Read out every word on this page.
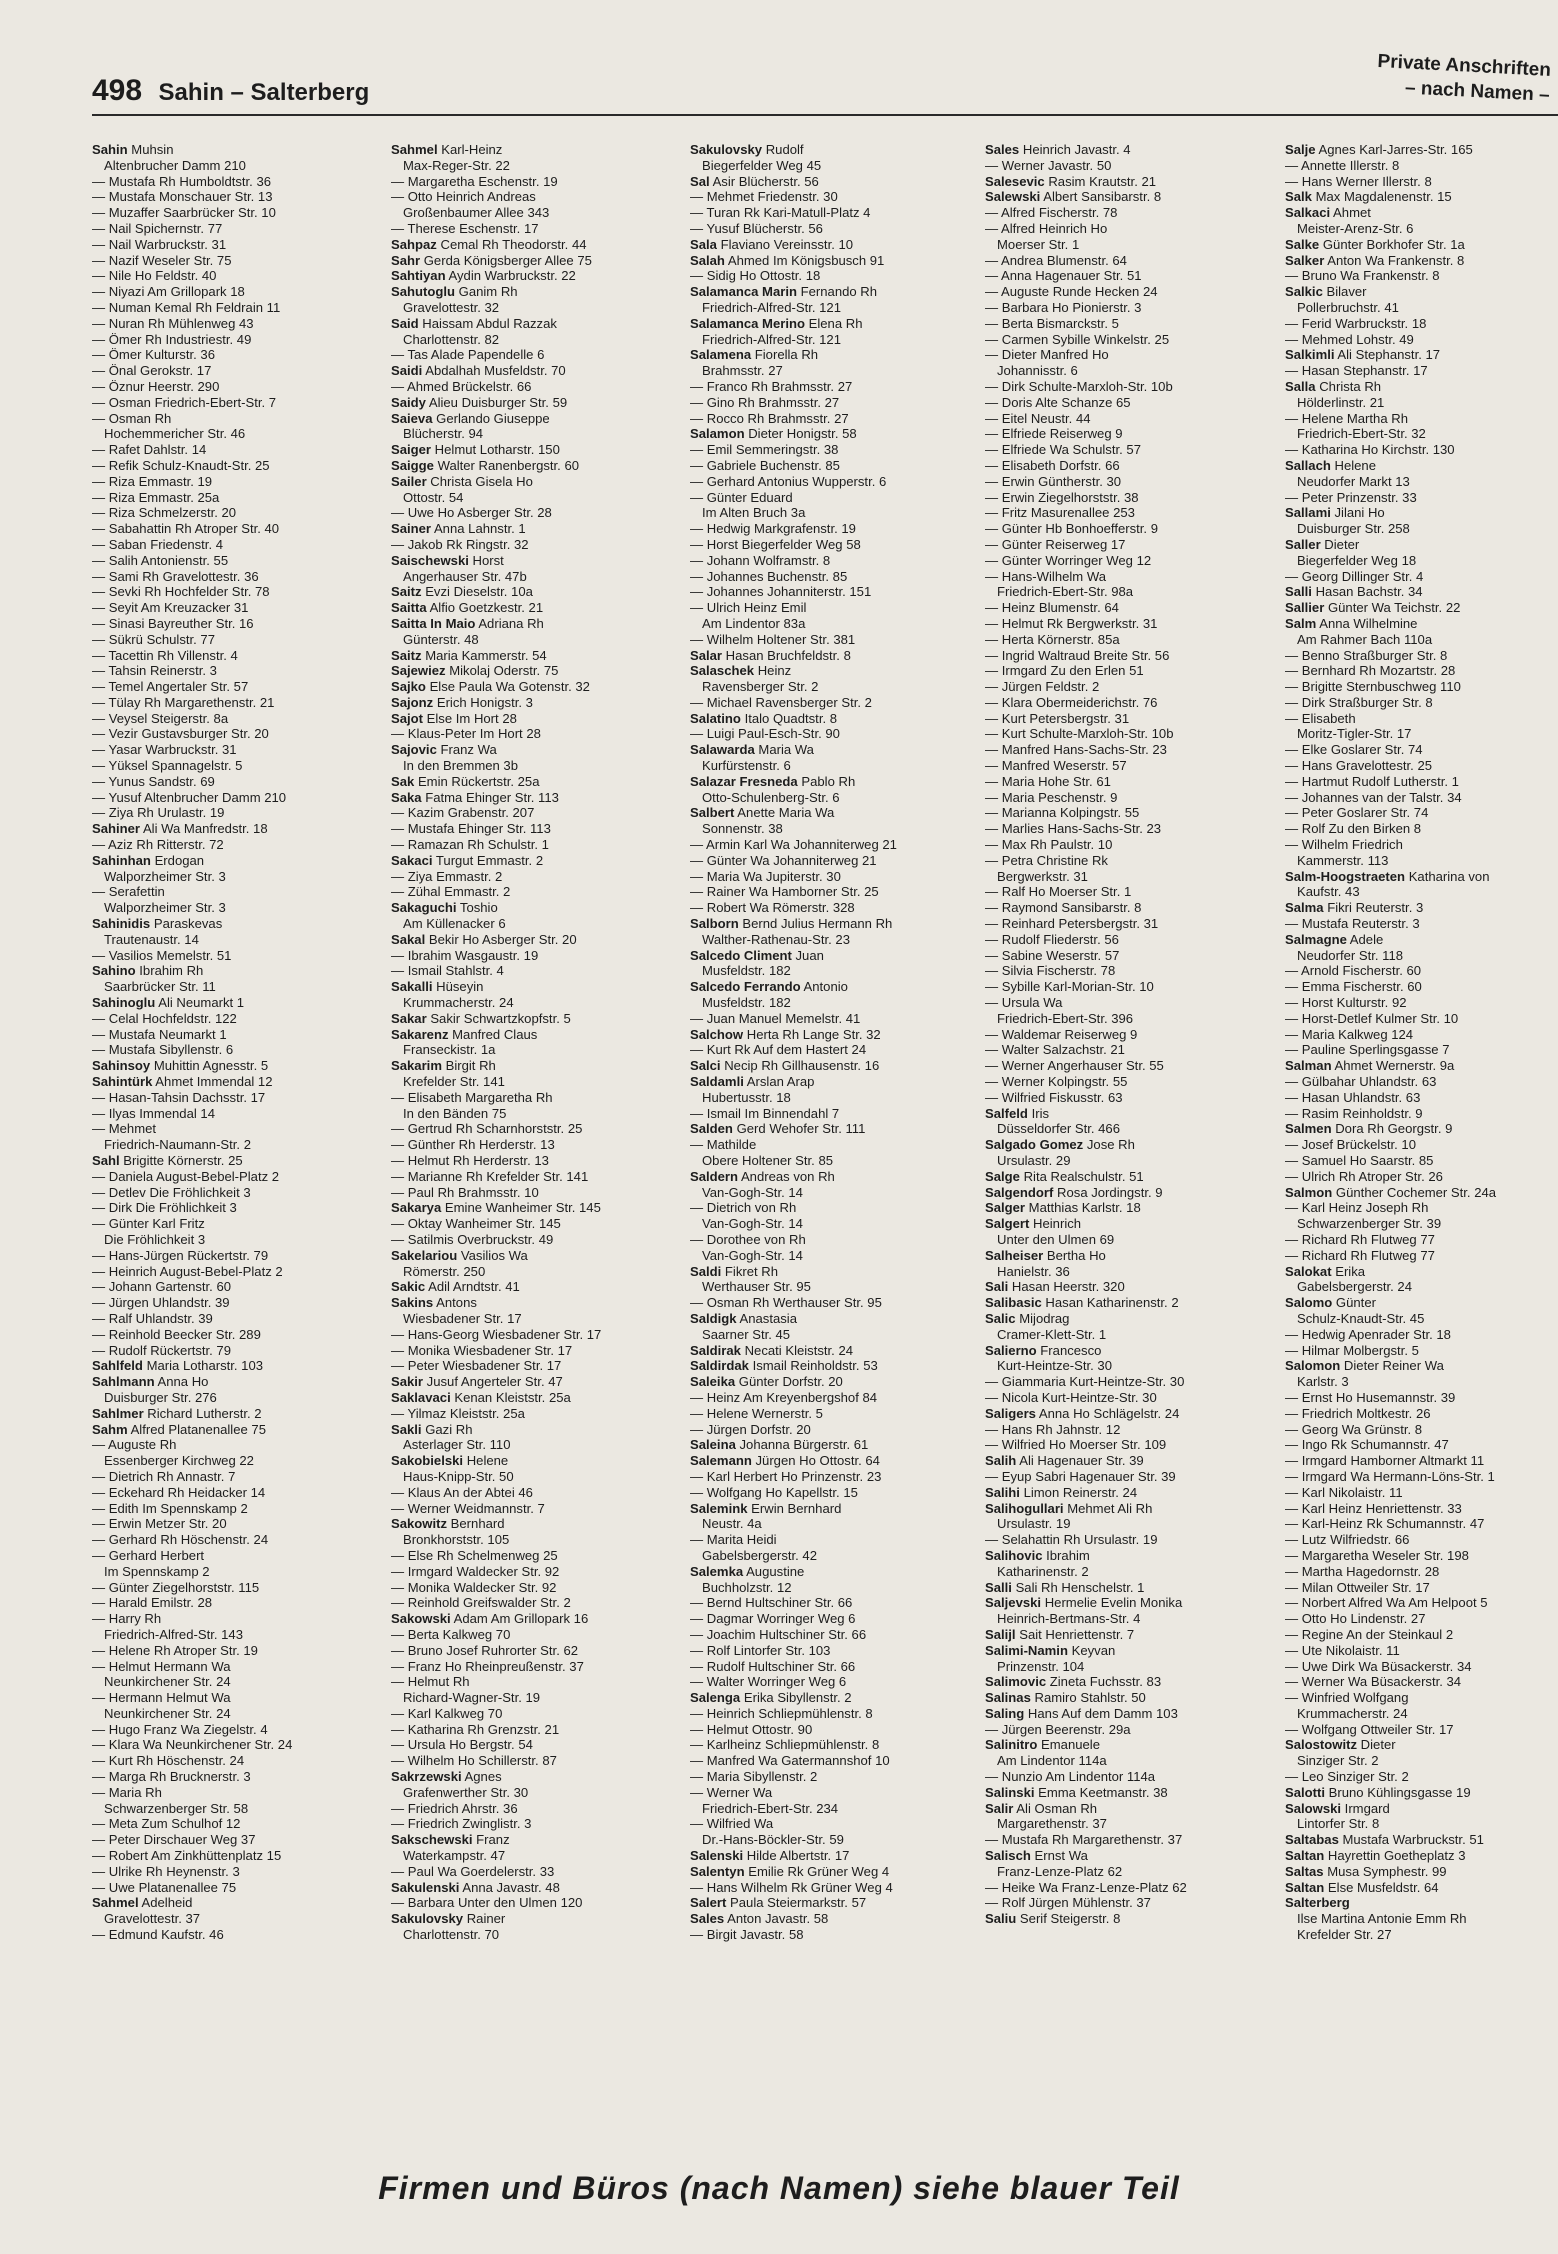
498 Sahin – Salterberg
Private Anschriften
– nach Namen –
Sahin Muhsin
Altenbrucher Damm 210
— Mustafa Rh Humboldtstr. 36
— Mustafa Monschauer Str. 13
— Muzaffer Saarbrücker Str. 10
— Nail Spichernstr. 77
— Nail Warbruckstr. 31
— Nazif Weseler Str. 75
— Nile Ho Feldstr. 40
— Niyazi Am Grillopark 18
— Numan Kemal Rh Feldrain 11
— Nuran Rh Mühlenweg 43
— Ömer Rh Industriestr. 49
— Ömer Kulturstr. 36
— Önal Gerokstr. 17
— Öznur Heerstr. 290
— Osman Friedrich-Ebert-Str. 7
— Osman Rh
Hochemmericher Str. 46
— Rafet Dahlstr. 14
— Refik Schulz-Knaudt-Str. 25
— Riza Emmastr. 19
— Riza Emmastr. 25a
— Riza Schmelzerstr. 20
— Sabahattin Rh Atroper Str. 40
— Saban Friedenstr. 4
— Salih Antonienstr. 55
— Sami Rh Gravelottestr. 36
— Sevki Rh Hochfelder Str. 78
— Seyit Am Kreuzacker 31
— Sinasi Bayreuther Str. 16
— Sükrü Schulstr. 77
— Tacettin Rh Villenstr. 4
— Tahsin Reinerstr. 3
— Temel Angertaler Str. 57
— Tülay Rh Margarethenstr. 21
— Veysel Steigerstr. 8a
— Vezir Gustavsburger Str. 20
— Yasar Warbruckstr. 31
— Yüksel Spannagelstr. 5
— Yunus Sandstr. 69
— Yusuf Altenbrucher Damm 210
— Ziya Rh Urulastr. 19
Sahiner Ali Wa Manfredstr. 18
— Aziz Rh Ritterstr. 72
Sahinhan Erdogan
Walporzheimer Str. 3
— Serafettin
Walporzheimer Str. 3
Sahinidis Paraskevas
Trautenaustr. 14
— Vasilios Memelstr. 51
Sahino Ibrahim Rh
Saarbrücker Str. 11
Sahinoglu Ali Neumarkt 1
— Celal Hochfeldstr. 122
— Mustafa Neumarkt 1
— Mustafa Sibyllenstr. 6
Sahinsoy Muhittin Agnesstr. 5
Sahintürk Ahmet Immendal 12
— Hasan-Tahsin Dachsstr. 17
— Ilyas Immendal 14
— Mehmet
Friedrich-Naumann-Str. 2
Sahl Brigitte Körnerstr. 25
— Daniela August-Bebel-Platz 2
— Detlev Die Fröhlichkeit 3
— Dirk Die Fröhlichkeit 3
— Günter Karl Fritz
Die Fröhlichkeit 3
— Hans-Jürgen Rückertstr. 79
— Heinrich August-Bebel-Platz 2
— Johann Gartenstr. 60
— Jürgen Uhlandstr. 39
— Ralf Uhlandstr. 39
— Reinhold Beecker Str. 289
— Rudolf Rückertstr. 79
Sahlfeld Maria Lotharstr. 103
Sahlmann Anna Ho
Duisburger Str. 276
Sahlmer Richard Lutherstr. 2
Sahm Alfred Platanenallee 75
— Auguste Rh
Essenberger Kirchweg 22
— Dietrich Rh Annastr. 7
— Eckehard Rh Heidacker 14
— Edith Im Spennskamp 2
— Erwin Metzer Str. 20
— Gerhard Rh Höschenstr. 24
— Gerhard Herbert
Im Spennskamp 2
— Günter Ziegelhorststr. 115
— Harald Emilstr. 28
— Harry Rh
Friedrich-Alfred-Str. 143
— Helene Rh Atroper Str. 19
— Helmut Hermann Wa
Neunkirchener Str. 24
— Hermann Helmut Wa
Neunkirchener Str. 24
— Hugo Franz Wa Ziegelstr. 4
— Klara Wa Neunkirchener Str. 24
— Kurt Rh Höschenstr. 24
— Marga Rh Brucknerstr. 3
— Maria Rh
Schwarzenberger Str. 58
— Meta Zum Schulhof 12
— Peter Dirschauer Weg 37
— Robert Am Zinkhüttenplatz 15
— Ulrike Rh Heynenstr. 3
— Uwe Platanenallee 75
Sahmel Adelheid
Gravelottestr. 37
— Edmund Kaufstr. 46
Sahmel Karl-Heinz
Max-Reger-Str. 22
— Margaretha Eschenstr. 19
— Otto Heinrich Andreas
Großenbaumer Allee 343
— Therese Eschenstr. 17
Sahpaz Cemal Rh Theodorstr. 44
Sahr Gerda Königsberger Allee 75
Sahtiyan Aydin Warbruckstr. 22
Sahutoglu Ganim Rh
Gravelottestr. 32
Said Haissam Abdul Razzak
Charlottenstr. 82
— Tas Alade Papendelle 6
Saidi Abdalhah Musfeldstr. 70
— Ahmed Brückelstr. 66
Saidy Alieu Duisburger Str. 59
Saieva Gerlando Giuseppe
Blücherstr. 94
Saiger Helmut Lotharstr. 150
Saigge Walter Ranenbergstr. 60
Sailer Christa Gisela Ho
Ottostr. 54
— Uwe Ho Asberger Str. 28
Sainer Anna Lahnstr. 1
— Jakob Rk Ringstr. 32
Saischewski Horst
Angerhauser Str. 47b
Saitz Evzi Dieselstr. 10a
Saitta Alfio Goetzkestr. 21
Saitta In Maio Adriana Rh
Günterstr. 48
Saitz Maria Kammerstr. 54
Sajewiez Mikolaj Oderstr. 75
Sajko Else Paula Wa Gotenstr. 32
Sajonz Erich Honigstr. 3
Sajot Else Im Hort 28
— Klaus-Peter Im Hort 28
Sajovic Franz Wa
In den Bremmen 3b
Sak Emin Rückertstr. 25a
Saka Fatma Ehinger Str. 113
— Kazim Grabenstr. 207
— Mustafa Ehinger Str. 113
— Ramazan Rh Schulstr. 1
Sakaci Turgut Emmastr. 2
— Ziya Emmastr. 2
— Zühal Emmastr. 2
Sakaguchi Toshio
Am Küllenacker 6
Sakal Bekir Ho Asberger Str. 20
— Ibrahim Wasgaustr. 19
— Ismail Stahlstr. 4
Sakalli Hüseyin
Krummacherstr. 24
Sakar Sakir Schwartzkopfstr. 5
Sakarenz Manfred Claus
Franseckistr. 1a
Sakarim Birgit Rh
Krefelder Str. 141
— Elisabeth Margaretha Rh
In den Bänden 75
— Gertrud Rh Scharnhorststr. 25
— Günther Rh Herderstr. 13
— Helmut Rh Herderstr. 13
— Marianne Rh Krefelder Str. 141
— Paul Rh Brahmsstr. 10
Sakarya Emine Wanheimer Str. 145
— Oktay Wanheimer Str. 145
— Satilmis Overbruckstr. 49
Sakelariou Vasilios Wa
Römerstr. 250
Sakic Adil Arndtstr. 41
Sakins Antons
Wiesbadener Str. 17
— Hans-Georg Wiesbadener Str. 17
— Monika Wiesbadener Str. 17
— Peter Wiesbadener Str. 17
Sakir Jusuf Angerteler Str. 47
Saklavaci Kenan Kleiststr. 25a
— Yilmaz Kleiststr. 25a
Sakli Gazi Rh
Asterlager Str. 110
Sakobielski Helene
Haus-Knipp-Str. 50
— Klaus An der Abtei 46
— Werner Weidmannstr. 7
Sakowitz Bernhard
Bronkhorststr. 105
— Else Rh Schelmenweg 25
— Irmgard Waldecker Str. 92
— Monika Waldecker Str. 92
— Reinhold Greifswalder Str. 2
Sakowski Adam Am Grillopark 16
— Berta Kalkweg 70
— Bruno Josef Ruhrorter Str. 62
— Franz Ho Rheinpreußenstr. 37
— Helmut Rh
Richard-Wagner-Str. 19
— Karl Kalkweg 70
— Katharina Rh Grenzstr. 21
— Ursula Ho Bergstr. 54
— Wilhelm Ho Schillerstr. 87
Sakrzewski Agnes
Grafenwerther Str. 30
— Friedrich Ahrstr. 36
— Friedrich Zwinglistr. 3
Sakschewski Franz
Waterkampstr. 47
— Paul Wa Goerdelerstr. 33
Sakulenski Anna Javastr. 48
— Barbara Unter den Ulmen 120
Sakulovsky Rainer
Charlottenstr. 70
Sakulovsky Rudolf
Biegerfelder Weg 45
Sal Asir Blücherstr. 56
— Mehmet Friedenstr. 30
— Turan Rk Kari-Matull-Platz 4
— Yusuf Blücherstr. 56
Sala Flaviano Vereinsstr. 10
Salah Ahmed Im Königsbusch 91
— Sidig Ho Ottostr. 18
Salamanca Marin Fernando Rh
Friedrich-Alfred-Str. 121
Salamanca Merino Elena Rh
Friedrich-Alfred-Str. 121
Salamena Fiorella Rh
Brahmsstr. 27
— Franco Rh Brahmsstr. 27
— Gino Rh Brahmsstr. 27
— Rocco Rh Brahmsstr. 27
Salamon Dieter Honigstr. 58
— Emil Semmeringstr. 38
— Gabriele Buchenstr. 85
— Gerhard Antonius Wupperstr. 6
— Günter Eduard
Im Alten Bruch 3a
— Hedwig Markgrafenstr. 19
— Horst Biegerfelder Weg 58
— Johann Wolframstr. 8
— Johannes Buchenstr. 85
— Johannes Johanniterstr. 151
— Ulrich Heinz Emil
Am Lindentor 83a
— Wilhelm Holtener Str. 381
Salar Hasan Bruchfeldstr. 8
Salaschek Heinz
Ravensberger Str. 2
— Michael Ravensberger Str. 2
Salatino Italo Quadtstr. 8
— Luigi Paul-Esch-Str. 90
Salawarda Maria Wa
Kurfürstenstr. 6
Salazar Fresneda Pablo Rh
Otto-Schulenberg-Str. 6
Salbert Anette Maria Wa
Sonnenstr. 38
— Armin Karl Wa Johanniterweg 21
— Günter Wa Johanniterweg 21
— Maria Wa Jupiterstr. 30
— Rainer Wa Hamborner Str. 25
— Robert Wa Römerstr. 328
Salborn Bernd Julius Hermann Rh
Walther-Rathenau-Str. 23
Salcedo Climent Juan
Musfeldstr. 182
Salcedo Ferrando Antonio
Musfeldstr. 182
— Juan Manuel Memelstr. 41
Salchow Herta Rh Lange Str. 32
— Kurt Rk Auf dem Hastert 24
Salci Necip Rh Gillhausenstr. 16
Saldamli Arslan Arap
Hubertusstr. 18
— Ismail Im Binnendahl 7
Salden Gerd Wehofer Str. 111
— Mathilde
Obere Holtener Str. 85
Saldern Andreas von Rh
Van-Gogh-Str. 14
— Dietrich von Rh
Van-Gogh-Str. 14
— Dorothee von Rh
Van-Gogh-Str. 14
Saldi Fikret Rh
Werthauser Str. 95
— Osman Rh Werthauser Str. 95
Saldigk Anastasia
Saarner Str. 45
Saldirak Necati Kleiststr. 24
Saldirdak Ismail Reinholdstr. 53
Saleika Günter Dorfstr. 20
— Heinz Am Kreyenbergshof 84
— Helene Wernerstr. 5
— Jürgen Dorfstr. 20
Saleina Johanna Bürgerstr. 61
Salemann Jürgen Ho Ottostr. 64
— Karl Herbert Ho Prinzenstr. 23
— Wolfgang Ho Kapellstr. 15
Salemink Erwin Bernhard
Neustr. 4a
— Marita Heidi
Gabelsbergerstr. 42
Salemka Augustine
Buchholzstr. 12
— Bernd Hultschiner Str. 66
— Dagmar Worringer Weg 6
— Joachim Hultschiner Str. 66
— Rolf Lintorfer Str. 103
— Rudolf Hultschiner Str. 66
— Walter Worringer Weg 6
Salenga Erika Sibyllenstr. 2
— Heinrich Schliepmühlenstr. 8
— Helmut Ottostr. 90
— Karlheinz Schliepmühlenstr. 8
— Manfred Wa Gatermannshof 10
— Maria Sibyllenstr. 2
— Werner Wa
Friedrich-Ebert-Str. 234
— Wilfried Wa
Dr.-Hans-Böckler-Str. 59
Salenski Hilde Albertstr. 17
Salentyn Emilie Rk Grüner Weg 4
— Hans Wilhelm Rk Grüner Weg 4
Salert Paula Steiermarkstr. 57
Sales Anton Javastr. 58
— Birgit Javastr. 58
Sales Heinrich Javastr. 4
— Werner Javastr. 50
Salesevic Rasim Krautstr. 21
Salewski Albert Sansibarstr. 8
— Alfred Fischerstr. 78
— Alfred Heinrich Ho
Moerser Str. 1
— Andrea Blumenstr. 64
— Anna Hagenauer Str. 51
— Auguste Runde Hecken 24
— Barbara Ho Pionierstr. 3
— Berta Bismarckstr. 5
— Carmen Sybille Winkelstr. 25
— Dieter Manfred Ho
Johannisstr. 6
— Dirk Schulte-Marxloh-Str. 10b
— Doris Alte Schanze 65
— Eitel Neustr. 44
— Elfriede Reiserweg 9
— Elfriede Wa Schulstr. 57
— Elisabeth Dorfstr. 66
— Erwin Güntherstr. 30
— Erwin Ziegelhorststr. 38
— Fritz Masurenallee 253
— Günter Hb Bonhoefferstr. 9
— Günter Reiserweg 17
— Günter Worringer Weg 12
— Hans-Wilhelm Wa
Friedrich-Ebert-Str. 98a
— Heinz Blumenstr. 64
— Helmut Rk Bergwerkstr. 31
— Herta Körnerstr. 85a
— Ingrid Waltraud Breite Str. 56
— Irmgard Zu den Erlen 51
— Jürgen Feldstr. 2
— Klara Obermeiderichstr. 76
— Kurt Petersbergstr. 31
— Kurt Schulte-Marxloh-Str. 10b
— Manfred Hans-Sachs-Str. 23
— Manfred Weserstr. 57
— Maria Hohe Str. 61
— Maria Peschenstr. 9
— Marianna Kolpingstr. 55
— Marlies Hans-Sachs-Str. 23
— Max Rh Paulstr. 10
— Petra Christine Rk
Bergwerkstr. 31
— Ralf Ho Moerser Str. 1
— Raymond Sansibarstr. 8
— Reinhard Petersbergstr. 31
— Rudolf Fliederstr. 56
— Sabine Weserstr. 57
— Silvia Fischerstr. 78
— Sybille Karl-Morian-Str. 10
— Ursula Wa
Friedrich-Ebert-Str. 396
— Waldemar Reiserweg 9
— Walter Salzachstr. 21
— Werner Angerhauser Str. 55
— Werner Kolpingstr. 55
— Wilfried Fiskusstr. 63
Salfeld Iris
Düsseldorfer Str. 466
Salgado Gomez Jose Rh
Ursulastr. 29
Salge Rita Realschulstr. 51
Salgendorf Rosa Jordingstr. 9
Salger Matthias Karlstr. 18
Salgert Heinrich
Unter den Ulmen 69
Salheiser Bertha Ho
Hanielstr. 36
Sali Hasan Heerstr. 320
Salibasic Hasan Katharinenstr. 2
Salic Mijodrag
Cramer-Klett-Str. 1
Salierno Francesco
Kurt-Heintze-Str. 30
— Giammaria Kurt-Heintze-Str. 30
— Nicola Kurt-Heintze-Str. 30
Saligers Anna Ho Schlägelstr. 24
— Hans Rh Jahnstr. 12
— Wilfried Ho Moerser Str. 109
Salih Ali Hagenauer Str. 39
— Eyup Sabri Hagenauer Str. 39
Salihi Limon Reinerstr. 24
Salihogullari Mehmet Ali Rh
Ursulastr. 19
— Selahattin Rh Ursulastr. 19
Salihovic Ibrahim
Katharinenstr. 2
Salli Sali Rh Henschelstr. 1
Saljevski Hermelie Evelin Monika
Heinrich-Bertmans-Str. 4
Salijl Sait Henriettenstr. 7
Salimi-Namin Keyvan
Prinzenstr. 104
Salimovic Zineta Fuchsstr. 83
Salinas Ramiro Stahlstr. 50
Saling Hans Auf dem Damm 103
— Jürgen Beerenstr. 29a
Salinitro Emanuele
Am Lindentor 114a
— Nunzio Am Lindentor 114a
Salinski Emma Keetmanstr. 38
Salir Ali Osman Rh
Margarethenstr. 37
— Mustafa Rh Margarethenstr. 37
Salisch Ernst Wa
Franz-Lenze-Platz 62
— Heike Wa Franz-Lenze-Platz 62
— Rolf Jürgen Mühlenstr. 37
Saliu Serif Steigerstr. 8
Salje Agnes Karl-Jarres-Str. 165
— Annette Illerstr. 8
— Hans Werner Illerstr. 8
Salk Max Magdalenenstr. 15
Salkaci Ahmet
Meister-Arenz-Str. 6
Salke Günter Borkhofer Str. 1a
Salker Anton Wa Frankenstr. 8
— Bruno Wa Frankenstr. 8
Salkic Bilaver
Pollerbruchstr. 41
— Ferid Warbruckstr. 18
— Mehmed Lohstr. 49
Salkimli Ali Stephanstr. 17
— Hasan Stephanstr. 17
Salla Christa Rh
Hölderlinstr. 21
— Helene Martha Rh
Friedrich-Ebert-Str. 32
— Katharina Ho Kirchstr. 130
Sallach Helene
Neudorfer Markt 13
— Peter Prinzenstr. 33
Sallami Jilani Ho
Duisburger Str. 258
Saller Dieter
Biegerfelder Weg 18
— Georg Dillinger Str. 4
Salli Hasan Bachstr. 34
Sallier Günter Wa Teichstr. 22
Salm Anna Wilhelmine
Am Rahmer Bach 110a
— Benno Straßburger Str. 8
— Bernhard Rh Mozartstr. 28
— Brigitte Sternbuschweg 110
— Dirk Straßburger Str. 8
— Elisabeth
Moritz-Tigler-Str. 17
— Elke Goslarer Str. 74
— Hans Gravelottestr. 25
— Hartmut Rudolf Lutherstr. 1
— Johannes van der Talstr. 34
— Peter Goslarer Str. 74
— Rolf Zu den Birken 8
— Wilhelm Friedrich
Kammerstr. 113
Salm-Hoogstraeten Katharina von
Kaufstr. 43
Salma Fikri Reuterstr. 3
— Mustafa Reuterstr. 3
Salmagne Adele
Neudorfer Str. 118
— Arnold Fischerstr. 60
— Emma Fischerstr. 60
— Horst Kulturstr. 92
— Horst-Detlef Kulmer Str. 10
— Maria Kalkweg 124
— Pauline Sperlingsgasse 7
Salman Ahmet Wernerstr. 9a
— Gülbahar Uhlandstr. 63
— Hasan Uhlandstr. 63
— Rasim Reinholdstr. 9
Salmen Dora Rh Georgstr. 9
— Josef Brückelstr. 10
— Samuel Ho Saarstr. 85
— Ulrich Rh Atroper Str. 26
Salmon Günther Cochemer Str. 24a
— Karl Heinz Joseph Rh
Schwarzenberger Str. 39
— Richard Rh Flutweg 77
— Richard Rh Flutweg 77
Salokat Erika
Gabelsbergerstr. 24
Salomo Günter
Schulz-Knaudt-Str. 45
— Hedwig Apenrader Str. 18
— Hilmar Molbergstr. 5
Salomon Dieter Reiner Wa
Karlstr. 3
— Ernst Ho Husemannstr. 39
— Friedrich Moltkestr. 26
— Georg Wa Grünstr. 8
— Ingo Rk Schumannstr. 47
— Irmgard Hamborner Altmarkt 11
— Irmgard Wa Hermann-Löns-Str. 1
— Karl Nikolaistr. 11
— Karl Heinz Henriettenstr. 33
— Karl-Heinz Rk Schumannstr. 47
— Lutz Wilfriedstr. 66
— Margaretha Weseler Str. 198
— Martha Hagedornstr. 28
— Milan Ottweiler Str. 17
— Norbert Alfred Wa Am Helpoot 5
— Otto Ho Lindenstr. 27
— Regine An der Steinkaul 2
— Ute Nikolaistr. 11
— Uwe Dirk Wa Büsackerstr. 34
— Werner Wa Büsackerstr. 34
— Winfried Wolfgang
Krummacherstr. 24
— Wolfgang Ottweiler Str. 17
Salostowitz Dieter
Sinziger Str. 2
— Leo Sinziger Str. 2
Salotti Bruno Kühlingsgasse 19
Salowski Irmgard
Lintorfer Str. 8
Saltabas Mustafa Warbruckstr. 51
Saltan Hayrettin Goetheplatz 3
Saltas Musa Symphestr. 99
Saltan Else Musfeldstr. 64
Salterberg
Ilse Martina Antonie Emm Rh
Krefelder Str. 27
Firmen und Büros (nach Namen) siehe blauer Teil
